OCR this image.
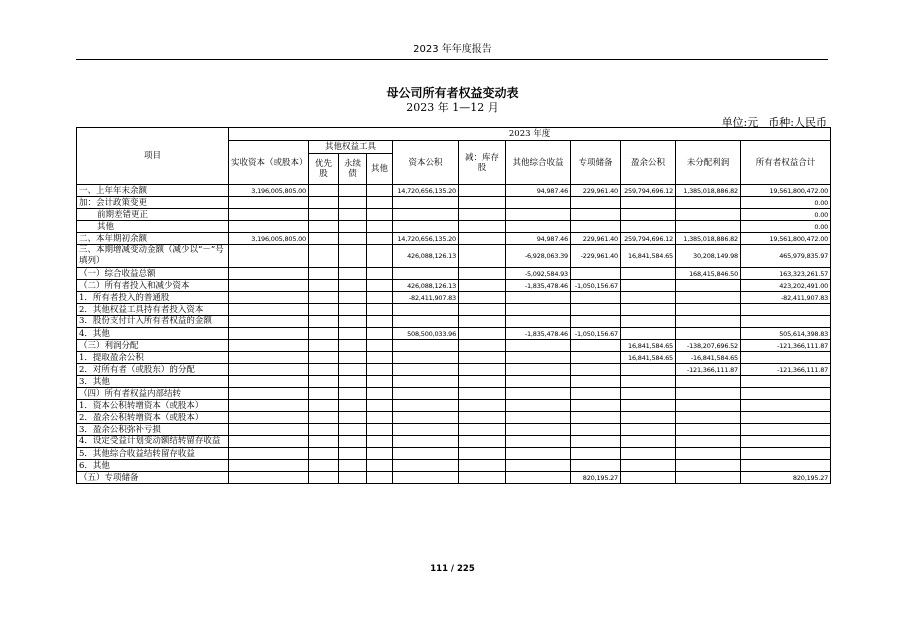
2023 年年度报告
母公司所有者权益变动表
2023 年 1—12 月
单位:元 币种:人民币
项目	2023 年度										
	实收资本（或股本）	其他权益工具			资本公积	减：库存股	其他综合收益	专项储备	盈余公积	未分配利润	所有者权益合计
		优先股	永续债	其他							
一、上年年末余额	3,196,005,805.00				14,720,656,135.20		94,987.46	229,961.40	259,794,696.12	1,385,018,886.82	19,561,800,472.00
加：会计政策变更											0.00
前期差错更正											0.00
其他											0.00
二、本年期初余额	3,196,005,805.00				14,720,656,135.20		94,987.46	229,961.40	259,794,696.12	1,385,018,886.82	19,561,800,472.00
三、本期增减变动金额（减少以“－”号填列）					426,088,126.13		-6,928,063.39	-229,961.40	16,841,584.65	30,208,149.98	465,979,835.97
（一）综合收益总额							-5,092,584.93			168,415,846.50	163,323,261.57
（二）所有者投入和减少资本					426,088,126.13		-1,835,478.46	-1,050,156.67			423,202,491.00
1．所有者投入的普通股					-82,411,907.83						-82,411,907.83
2．其他权益工具持有者投入资本											
3．股份支付计入所有者权益的金额											
4．其他					508,500,033.96		-1,835,478.46	-1,050,156.67			505,614,398.83
（三）利润分配									16,841,584.65	-138,207,696.52	-121,366,111.87
1．提取盈余公积									16,841,584.65	-16,841,584.65	
2．对所有者（或股东）的分配										-121,366,111.87	-121,366,111.87
3．其他											
（四）所有者权益内部结转											
1．资本公积转增资本（或股本）											
2．盈余公积转增资本（或股本）											
3．盈余公积弥补亏损											
4．设定受益计划变动额结转留存收益											
5．其他综合收益结转留存收益											
6．其他											
（五）专项储备								820,195.27			820,195.27
111 / 225
